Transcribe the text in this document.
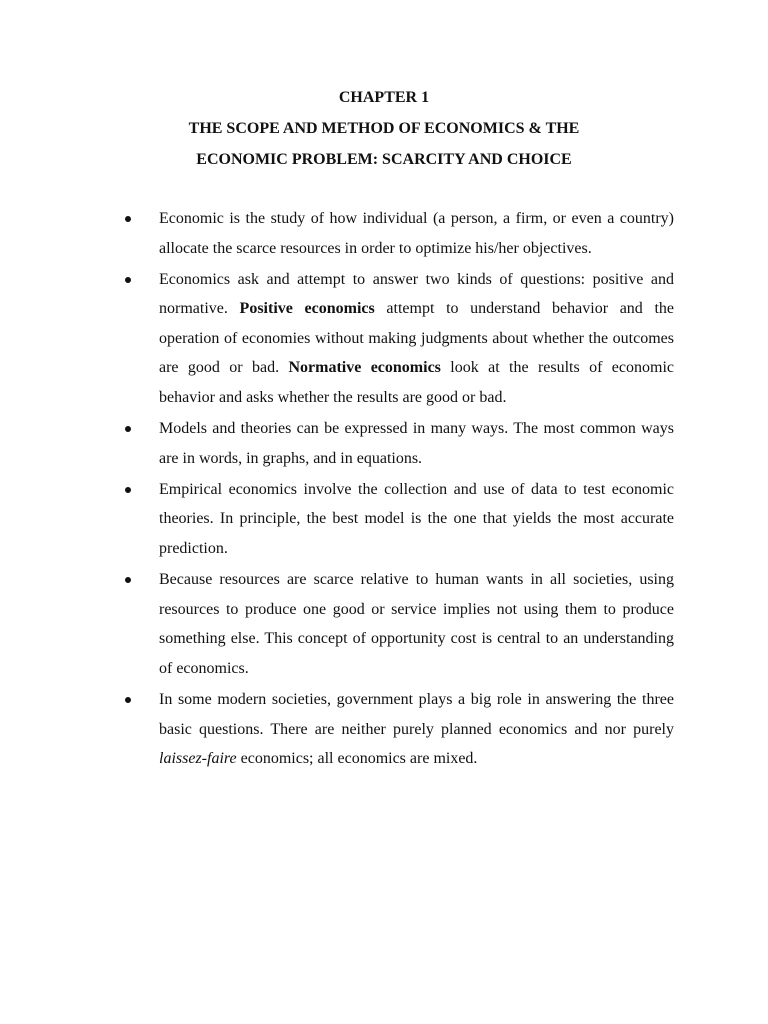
CHAPTER 1
THE SCOPE AND METHOD OF ECONOMICS & THE
ECONOMIC PROBLEM: SCARCITY AND CHOICE
Economic is the study of how individual (a person, a firm, or even a country) allocate the scarce resources in order to optimize his/her objectives.
Economics ask and attempt to answer two kinds of questions: positive and normative. Positive economics attempt to understand behavior and the operation of economies without making judgments about whether the outcomes are good or bad. Normative economics look at the results of economic behavior and asks whether the results are good or bad.
Models and theories can be expressed in many ways. The most common ways are in words, in graphs, and in equations.
Empirical economics involve the collection and use of data to test economic theories. In principle, the best model is the one that yields the most accurate prediction.
Because resources are scarce relative to human wants in all societies, using resources to produce one good or service implies not using them to produce something else. This concept of opportunity cost is central to an understanding of economics.
In some modern societies, government plays a big role in answering the three basic questions. There are neither purely planned economics and nor purely laissez-faire economics; all economics are mixed.
